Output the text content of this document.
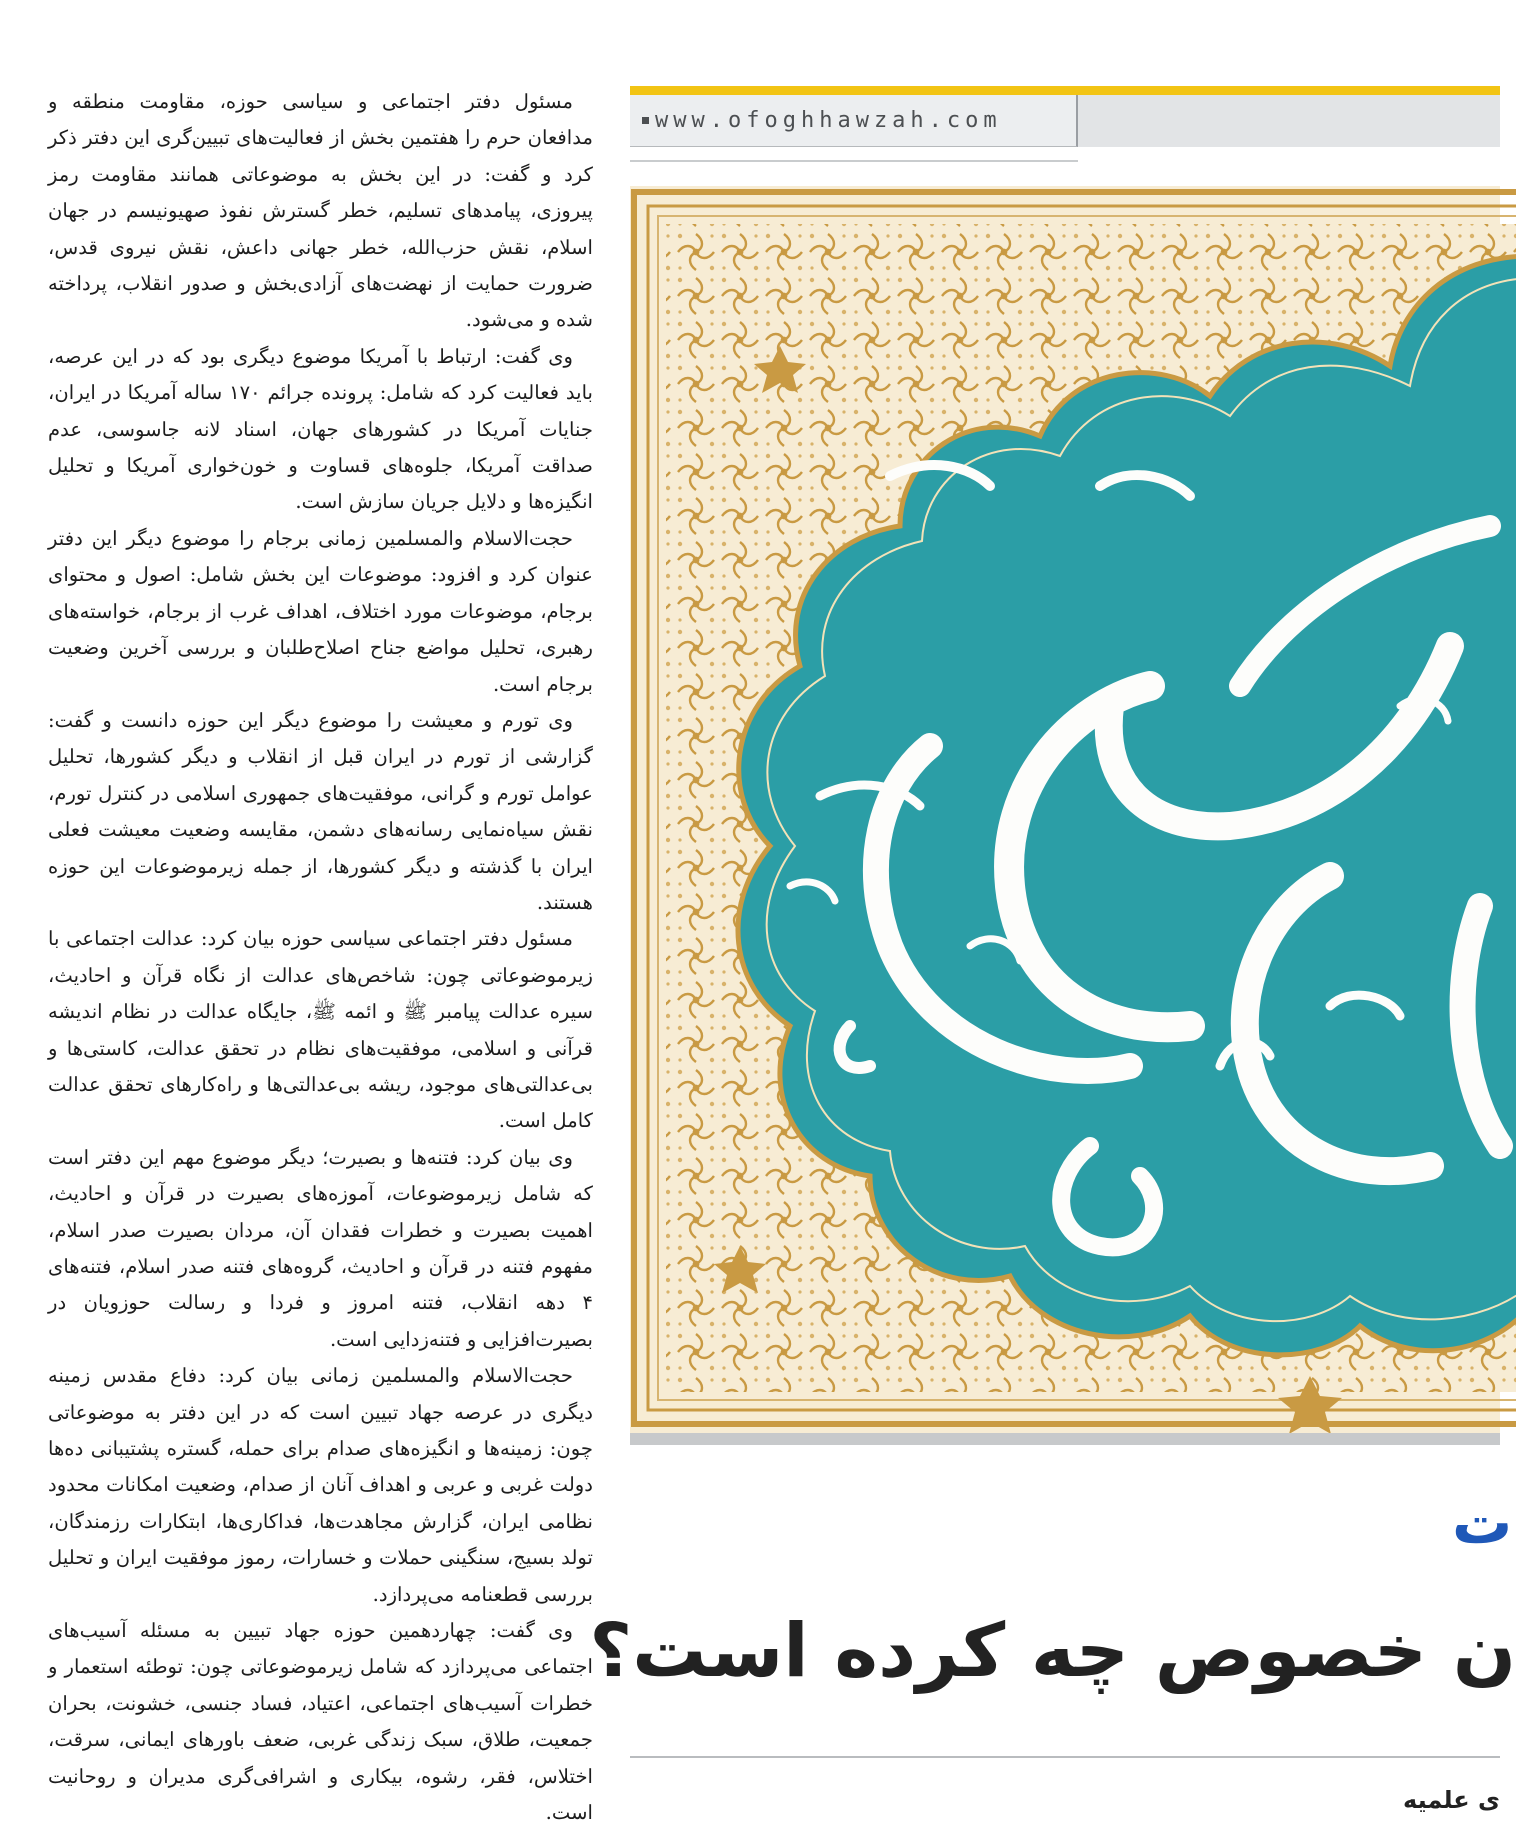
مسئول دفتر اجتماعی و سیاسی حوزه، مقاومت منطقه و مدافعان حرم را هفتمین بخش از فعالیت‌های تبیین‌گری این دفتر ذکر کرد و گفت: در این بخش به موضوعاتی همانند مقاومت رمز پیروزی، پیامدهای تسلیم، خطر گسترش نفوذ صهیونیسم در جهان اسلام، نقش حزب‌الله، خطر جهانی داعش، نقش نیروی قدس، ضرورت حمایت از نهضت‌های آزادی‌بخش و صدور انقلاب، پرداخته شده و می‌شود.

وی گفت: ارتباط با آمریکا موضوع دیگری بود که در این عرصه، باید فعالیت کرد که شامل: پرونده جرائم ۱۷۰ ساله آمریکا در ایران، جنایات آمریکا در کشورهای جهان، اسناد لانه جاسوسی، عدم صداقت آمریکا، جلوه‌های قساوت و خون‌خواری آمریکا و تحلیل انگیزه‌ها و دلایل جریان سازش است.

حجت‌الاسلام والمسلمین زمانی برجام را موضوع دیگر این دفتر عنوان کرد و افزود: موضوعات این بخش شامل: اصول و محتوای برجام، موضوعات مورد اختلاف، اهداف غرب از برجام، خواسته‌های رهبری، تحلیل مواضع جناح اصلاح‌طلبان و بررسی آخرین وضعیت برجام است.

وی تورم و معیشت را موضوع دیگر این حوزه دانست و گفت: گزارشی از تورم در ایران قبل از انقلاب و دیگر کشورها، تحلیل عوامل تورم و گرانی، موفقیت‌های جمهوری اسلامی در کنترل تورم، نقش سیاه‌نمایی رسانه‌های دشمن، مقایسه وضعیت معیشت فعلی ایران با گذشته و دیگر کشورها، از جمله زیرموضوعات این حوزه هستند.

مسئول دفتر اجتماعی سیاسی حوزه بیان کرد: عدالت اجتماعی با زیرموضوعاتی چون: شاخص‌های عدالت از نگاه قرآن و احادیث، سیره عدالت پیامبر ﷺ و ائمه ﷺ، جایگاه عدالت در نظام اندیشه قرآنی و اسلامی، موفقیت‌های نظام در تحقق عدالت، کاستی‌ها و بی‌عدالتی‌های موجود، ریشه بی‌عدالتی‌ها و راه‌کارهای تحقق عدالت کامل است.

وی بیان کرد: فتنه‌ها و بصیرت؛ دیگر موضوع مهم این دفتر است که شامل زیرموضوعات، آموزه‌های بصیرت در قرآن و احادیث، اهمیت بصیرت و خطرات فقدان آن، مردان بصیرت صدر اسلام، مفهوم فتنه در قرآن و احادیث، گروه‌های فتنه صدر اسلام، فتنه‌های ۴ دهه انقلاب، فتنه امروز و فردا و رسالت حوزویان در بصیرت‌افزایی و فتنه‌زدایی است.

حجت‌الاسلام والمسلمین زمانی بیان کرد: دفاع مقدس زمینه دیگری در عرصه جهاد تبیین است که در این دفتر به موضوعاتی چون: زمینه‌ها و انگیزه‌های صدام برای حمله، گستره پشتیبانی ده‌ها دولت غربی و عربی و اهداف آنان از صدام، وضعیت امکانات محدود نظامی ایران، گزارش مجاهدت‌ها، فداکاری‌ها، ابتکارات رزمندگان، تولد بسیج، سنگینی حملات و خسارات، رموز موفقیت ایران و تحلیل بررسی قطعنامه می‌پردازد.

وی گفت: چهاردهمین حوزه جهاد تبیین به مسئله آسیب‌های اجتماعی می‌پردازد که شامل زیرموضوعاتی چون: توطئه استعمار و خطرات آسیب‌های اجتماعی، اعتیاد، فساد جنسی، خشونت، بحران جمعیت، طلاق، سبک زندگی غربی، ضعف باورهای ایمانی، سرقت، اختلاس، فقر، رشوه، بیکاری و اشرافی‌گری مدیران و روحانیت است.

www.ofoghhawzah.com
ت
ن خصوص چه کرده است؟
ی علمیه
